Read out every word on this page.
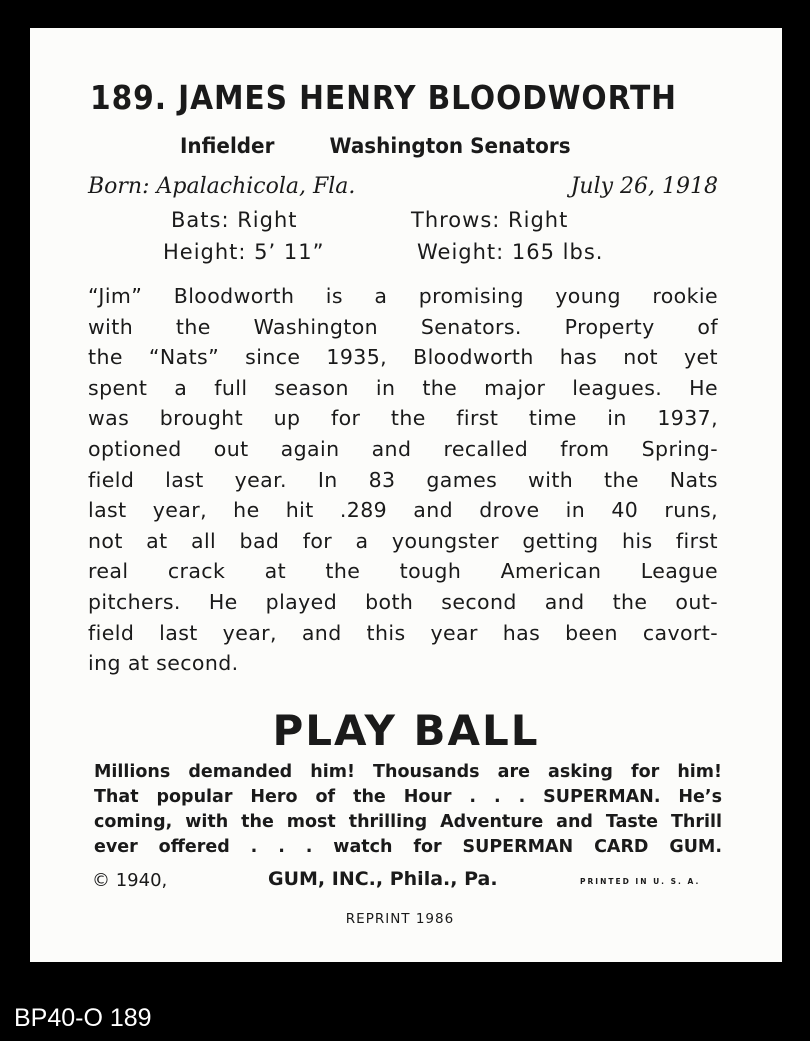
189. JAMES HENRY BLOODWORTH
Infielder	Washington Senators
Born: Apalachicola, Fla.	July 26, 1918
Bats: Right	Throws: Right
Height: 5’ 11”	Weight: 165 lbs.
“Jim” Bloodworth is a promising young rookie
with the Washington Senators. Property of
the “Nats” since 1935, Bloodworth has not yet
spent a full season in the major leagues. He
was brought up for the first time in 1937,
optioned out again and recalled from Spring-
field last year. In 83 games with the Nats
last year, he hit .289 and drove in 40 runs,
not at all bad for a youngster getting his first
real crack at the tough American League
pitchers. He played both second and the out-
field last year, and this year has been cavort-
ing at second.
PLAY BALL
Millions demanded him! Thousands are asking for him!
That popular Hero of the Hour . . . SUPERMAN. He’s
coming, with the most thrilling Adventure and Taste Thrill
ever offered . . . watch for SUPERMAN CARD GUM.
© 1940,	GUM, INC., Phila., Pa.	PRINTED IN U. S. A.
REPRINT 1986
BP40-O 189
